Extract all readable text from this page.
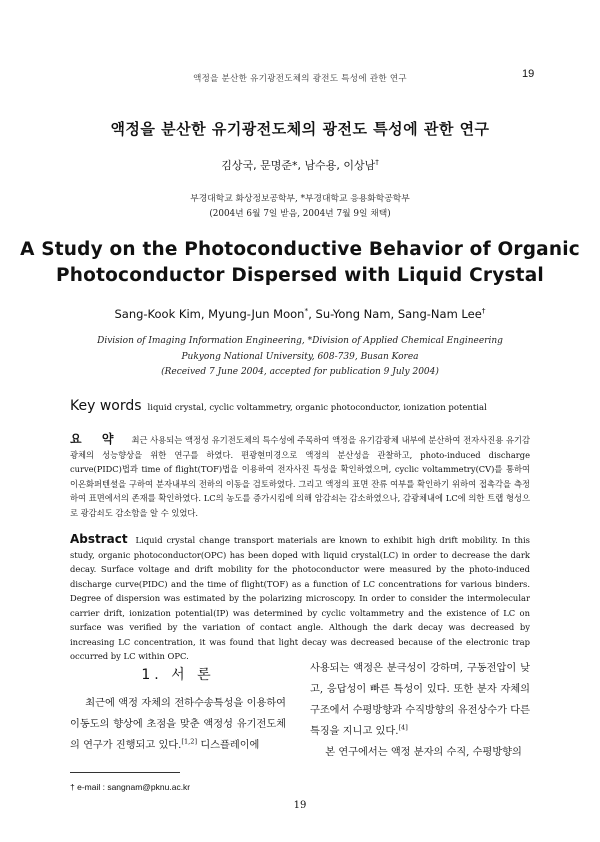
액정을 분산한 유기광전도체의 광전도 특성에 관한 연구	19
액정을 분산한 유기광전도체의 광전도 특성에 관한 연구
김상국, 문명준*, 남수용, 이상남†
부경대학교 화상정보공학부, *부경대학교 응용화학공학부
(2004년 6월 7일 받음, 2004년 7월 9일 채택)
A Study on the Photoconductive Behavior of Organic
Photoconductor Dispersed with Liquid Crystal
Sang-Kook Kim, Myung-Jun Moon*, Su-Yong Nam, Sang-Nam Lee†
Division of Imaging Information Engineering, *Division of Applied Chemical Engineering
Pukyong National University, 608-739, Busan Korea
(Received 7 June 2004, accepted for publication 9 July 2004)
Key words liquid crystal, cyclic voltammetry, organic photoconductor, ionization potential
요 약 최근 사용되는 액정성 유기전도체의 특수성에 주목하여 액정을 유기감광체 내부에 분산하여 전자사진용 유기감광체의 성능향상을 위한 연구를 하였다. 편광현미경으로 액정의 분산성을 관찰하고, photo-induced discharge curve(PIDC)법과 time of flight(TOF)법을 이용하여 전자사진 특성을 확인하였으며, cyclic voltammetry(CV)를 통하여 이온화퍼텐셜을 구하여 분자내부의 전하의 이동을 검토하였다. 그리고 액정의 표면 잔류 여부를 확인하기 위하여 접촉각을 측정하여 표면에서의 존재를 확인하였다. LC의 농도를 증가시킴에 의해 암감쇠는 감소하였으나, 감광체내에 LC에 의한 트랩 형성으로 광감쇠도 감소함을 알 수 있었다.
Abstract Liquid crystal change transport materials are known to exhibit high drift mobility. In this study, organic photoconductor(OPC) has been doped with liquid crystal(LC) in order to decrease the dark decay. Surface voltage and drift mobility for the photoconductor were measured by the photo-induced discharge curve(PIDC) and the time of flight(TOF) as a function of LC concentrations for various binders. Degree of dispersion was estimated by the polarizing microscopy. In order to consider the intermolecular carrier drift, ionization potential(IP) was determined by cyclic voltammetry and the existence of LC on surface was verified by the variation of contact angle. Although the dark decay was decreased by increasing LC concentration, it was found that light decay was decreased because of the electronic trap occurred by LC within OPC.
1. 서 론
최근에 액정 자체의 전하수송특성을 이용하여 이동도의 향상에 초점을 맞춘 액정성 유기전도체의 연구가 진행되고 있다.[1,2] 디스플레이에
사용되는 액정은 분극성이 강하며, 구동전압이 낮고, 응답성이 빠른 특성이 있다. 또한 분자 자체의 구조에서 수평방향과 수직방향의 유전상수가 다른 특징을 지니고 있다.[4]
본 연구에서는 액정 분자의 수직, 수평방향의
† e-mail : sangnam@pknu.ac.kr
19
